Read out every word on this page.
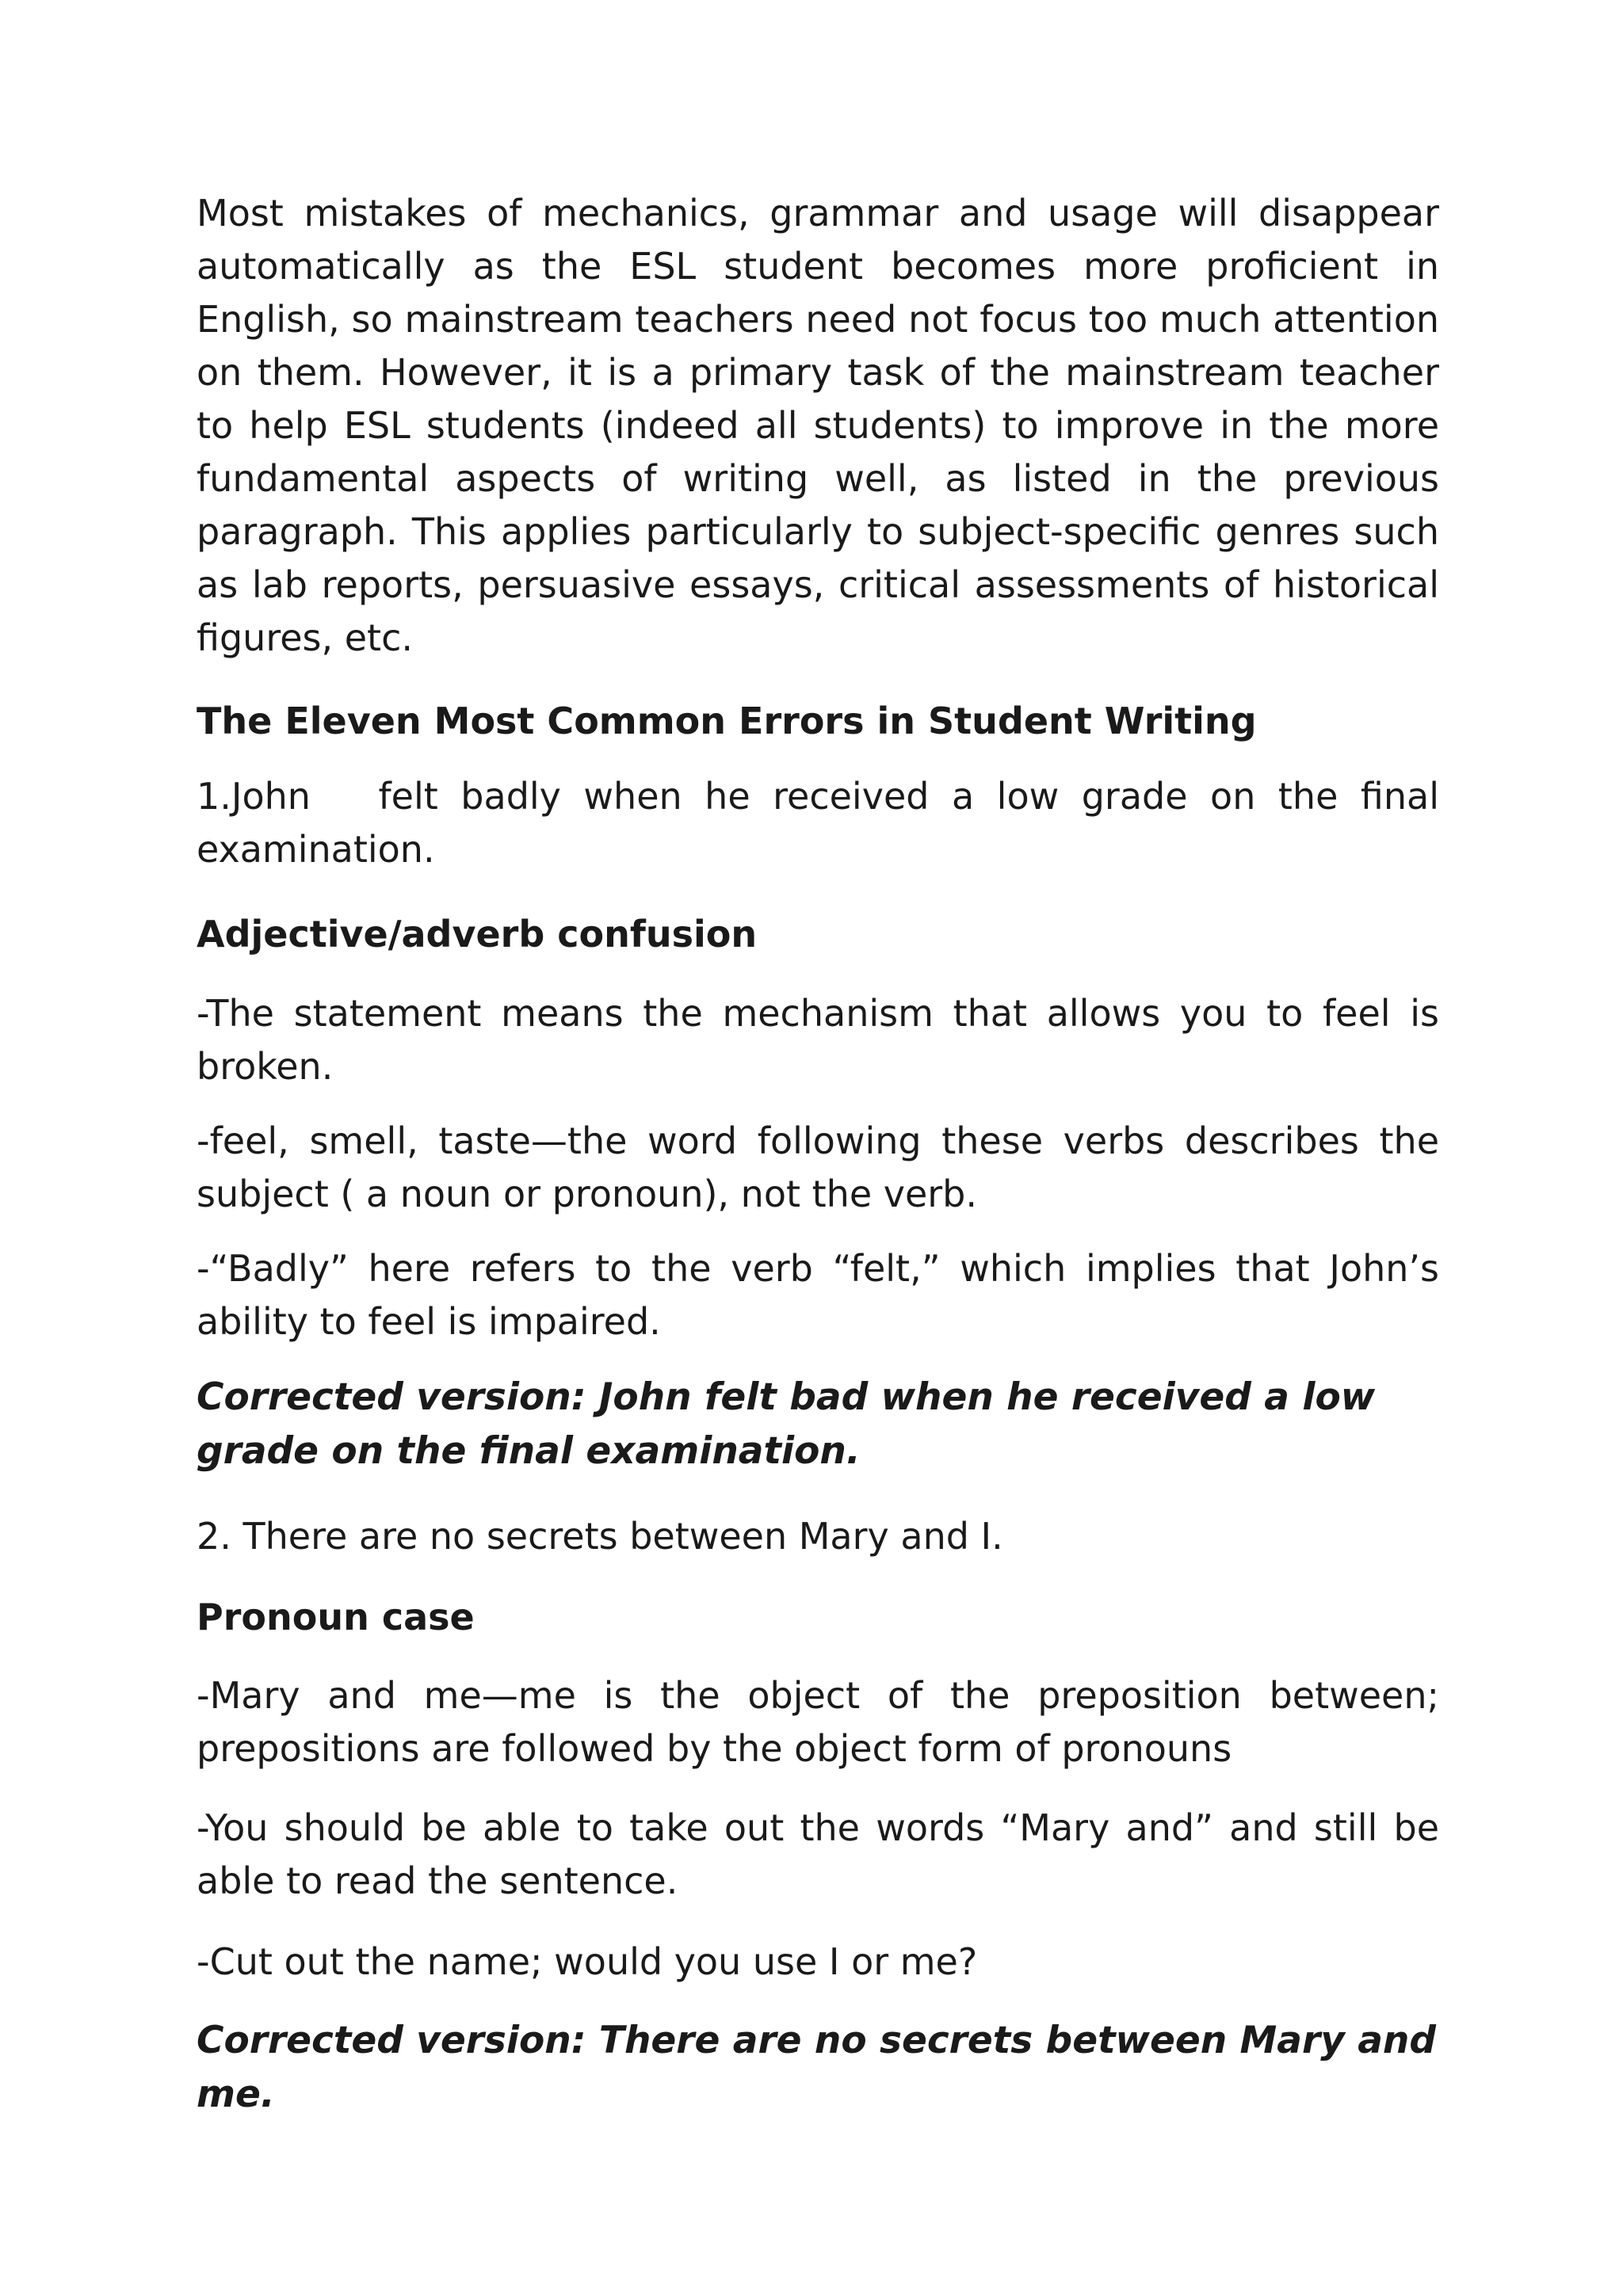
Most mistakes of mechanics, grammar and usage will disappear automatically as the ESL student becomes more proficient in English, so mainstream teachers need not focus too much attention on them. However, it is a primary task of the mainstream teacher to help ESL students (indeed all students) to improve in the more fundamental aspects of writing well, as listed in the previous paragraph. This applies particularly to subject-specific genres such as lab reports, persuasive essays, critical assessments of historical figures, etc.

The Eleven Most Common Errors in Student Writing

1.John   felt badly when he received a low grade on the final

examination.

Adjective/adverb confusion

-The statement means the mechanism that allows you to feel is broken.

-feel, smell, taste—the word following these verbs describes the subject ( a noun or pronoun), not the verb.

-“Badly” here refers to the verb “felt,” which implies that John’s ability to feel is impaired.

Corrected version: John felt bad when he received a low grade on the final examination.

2. There are no secrets between Mary and I.

Pronoun case

-Mary and me—me is the object of the preposition between; prepositions are followed by the object form of pronouns

-You should be able to take out the words “Mary and” and still be able to read the sentence.

-Cut out the name; would you use I or me?

Corrected version: There are no secrets between Mary and me.
